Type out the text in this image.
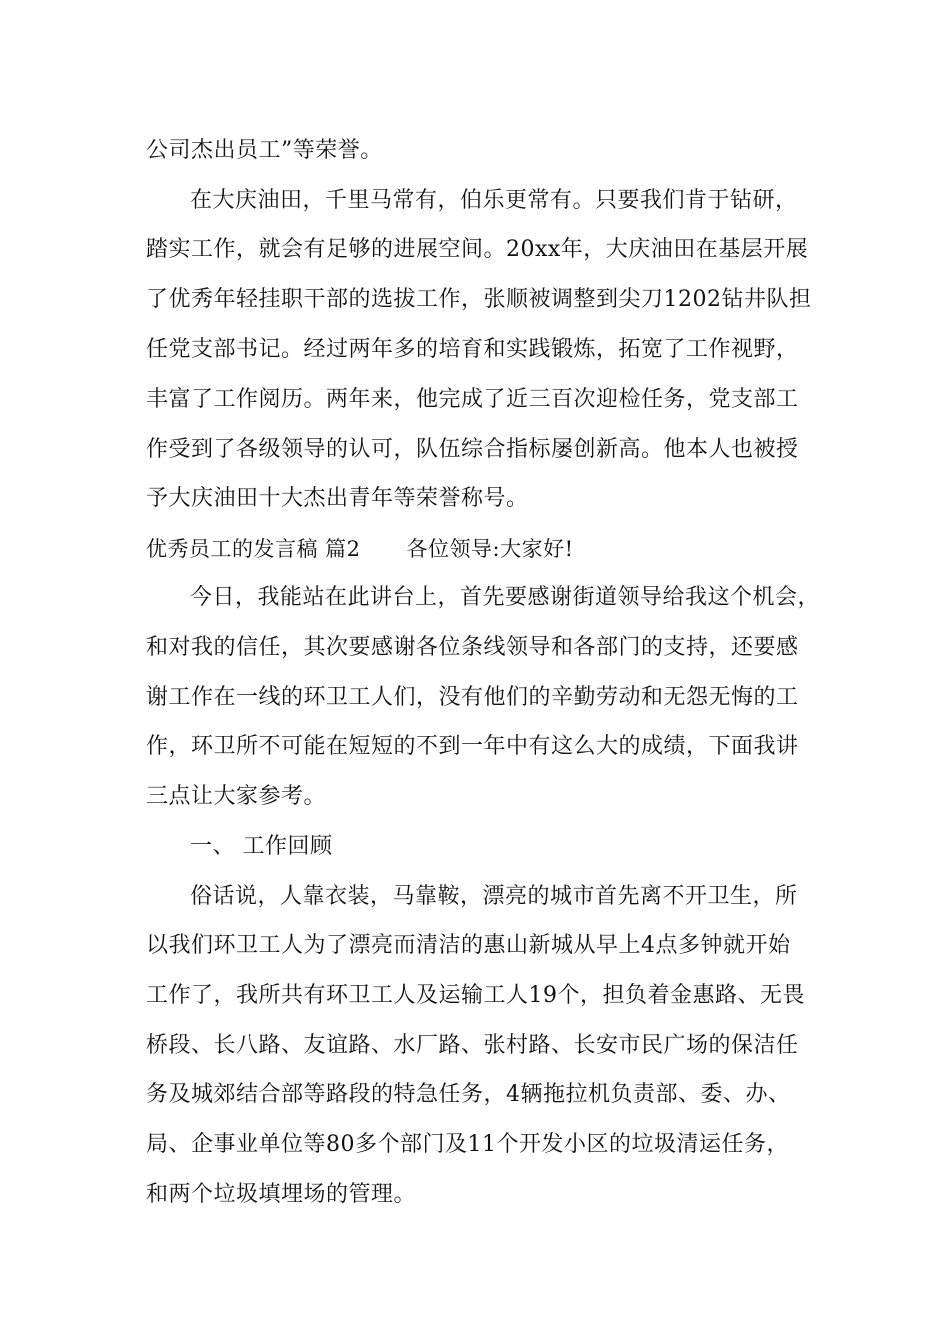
公司杰出员工”等荣誉。
在大庆油田，千里马常有，伯乐更常有。只要我们肯于钻研，
踏实工作，就会有足够的进展空间。20xx年，大庆油田在基层开展
了优秀年轻挂职干部的选拔工作，张顺被调整到尖刀1202钻井队担
任党支部书记。经过两年多的培育和实践锻炼，拓宽了工作视野，
丰富了工作阅历。两年来，他完成了近三百次迎检任务，党支部工
作受到了各级领导的认可，队伍综合指标屡创新高。他本人也被授
予大庆油田十大杰出青年等荣誉称号。
优秀员工的发言稿 篇2 各位领导:大家好!
今日，我能站在此讲台上，首先要感谢街道领导给我这个机会，
和对我的信任，其次要感谢各位条线领导和各部门的支持，还要感
谢工作在一线的环卫工人们，没有他们的辛勤劳动和无怨无悔的工
作，环卫所不可能在短短的不到一年中有这么大的成绩，下面我讲
三点让大家参考。
一、 工作回顾
俗话说，人靠衣装，马靠鞍，漂亮的城市首先离不开卫生，所
以我们环卫工人为了漂亮而清洁的惠山新城从早上4点多钟就开始
工作了，我所共有环卫工人及运输工人19个，担负着金惠路、无畏
桥段、长八路、友谊路、水厂路、张村路、长安市民广场的保洁任
务及城郊结合部等路段的特急任务，4辆拖拉机负责部、委、办、
局、企事业单位等80多个部门及11个开发小区的垃圾清运任务，
和两个垃圾填埋场的管理。
